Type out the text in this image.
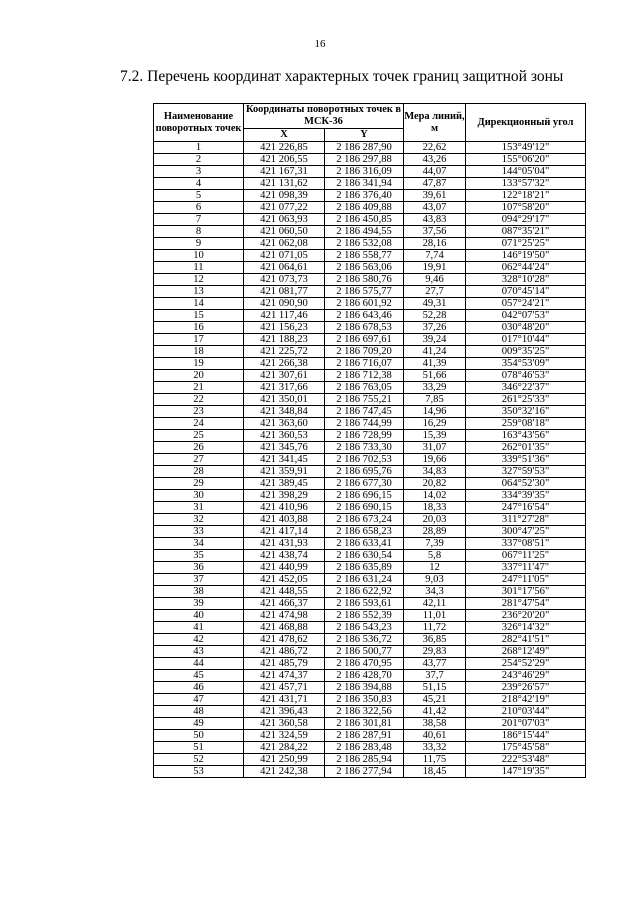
16
7.2. Перечень координат характерных точек границ защитной зоны
Наименование поворотных точек	Координаты поворотных точек в МСК-36		Мера линий, м	Дирекционный угол
	X	Y		
1	421 226,85	2 186 287,90	22,62	153°49'12"
2	421 206,55	2 186 297,88	43,26	155°06'20"
3	421 167,31	2 186 316,09	44,07	144°05'04"
4	421 131,62	2 186 341,94	47,87	133°57'32"
5	421 098,39	2 186 376,40	39,61	122°18'21"
6	421 077,22	2 186 409,88	43,07	107°58'20"
7	421 063,93	2 186 450,85	43,83	094°29'17"
8	421 060,50	2 186 494,55	37,56	087°35'21"
9	421 062,08	2 186 532,08	28,16	071°25'25"
10	421 071,05	2 186 558,77	7,74	146°19'50"
11	421 064,61	2 186 563,06	19,91	062°44'24"
12	421 073,73	2 186 580,76	9,46	328°10'28"
13	421 081,77	2 186 575,77	27,7	070°45'14"
14	421 090,90	2 186 601,92	49,31	057°24'21"
15	421 117,46	2 186 643,46	52,28	042°07'53"
16	421 156,23	2 186 678,53	37,26	030°48'20"
17	421 188,23	2 186 697,61	39,24	017°10'44"
18	421 225,72	2 186 709,20	41,24	009°35'25"
19	421 266,38	2 186 716,07	41,39	354°53'09"
20	421 307,61	2 186 712,38	51,66	078°46'53"
21	421 317,66	2 186 763,05	33,29	346°22'37"
22	421 350,01	2 186 755,21	7,85	261°25'33"
23	421 348,84	2 186 747,45	14,96	350°32'16"
24	421 363,60	2 186 744,99	16,29	259°08'18"
25	421 360,53	2 186 728,99	15,39	163°43'56"
26	421 345,76	2 186 733,30	31,07	262°01'35"
27	421 341,45	2 186 702,53	19,66	339°51'36"
28	421 359,91	2 186 695,76	34,83	327°59'53"
29	421 389,45	2 186 677,30	20,82	064°52'30"
30	421 398,29	2 186 696,15	14,02	334°39'35"
31	421 410,96	2 186 690,15	18,33	247°16'54"
32	421 403,88	2 186 673,24	20,03	311°27'28"
33	421 417,14	2 186 658,23	28,89	300°47'25"
34	421 431,93	2 186 633,41	7,39	337°08'51"
35	421 438,74	2 186 630,54	5,8	067°11'25"
36	421 440,99	2 186 635,89	12	337°11'47"
37	421 452,05	2 186 631,24	9,03	247°11'05"
38	421 448,55	2 186 622,92	34,3	301°17'56"
39	421 466,37	2 186 593,61	42,11	281°47'54"
40	421 474,98	2 186 552,39	11,01	236°20'20"
41	421 468,88	2 186 543,23	11,72	326°14'32"
42	421 478,62	2 186 536,72	36,85	282°41'51"
43	421 486,72	2 186 500,77	29,83	268°12'49"
44	421 485,79	2 186 470,95	43,77	254°52'29"
45	421 474,37	2 186 428,70	37,7	243°46'29"
46	421 457,71	2 186 394,88	51,15	239°26'57"
47	421 431,71	2 186 350,83	45,21	218°42'19"
48	421 396,43	2 186 322,56	41,42	210°03'44"
49	421 360,58	2 186 301,81	38,58	201°07'03"
50	421 324,59	2 186 287,91	40,61	186°15'44"
51	421 284,22	2 186 283,48	33,32	175°45'58"
52	421 250,99	2 186 285,94	11,75	222°53'48"
53	421 242,38	2 186 277,94	18,45	147°19'35"
